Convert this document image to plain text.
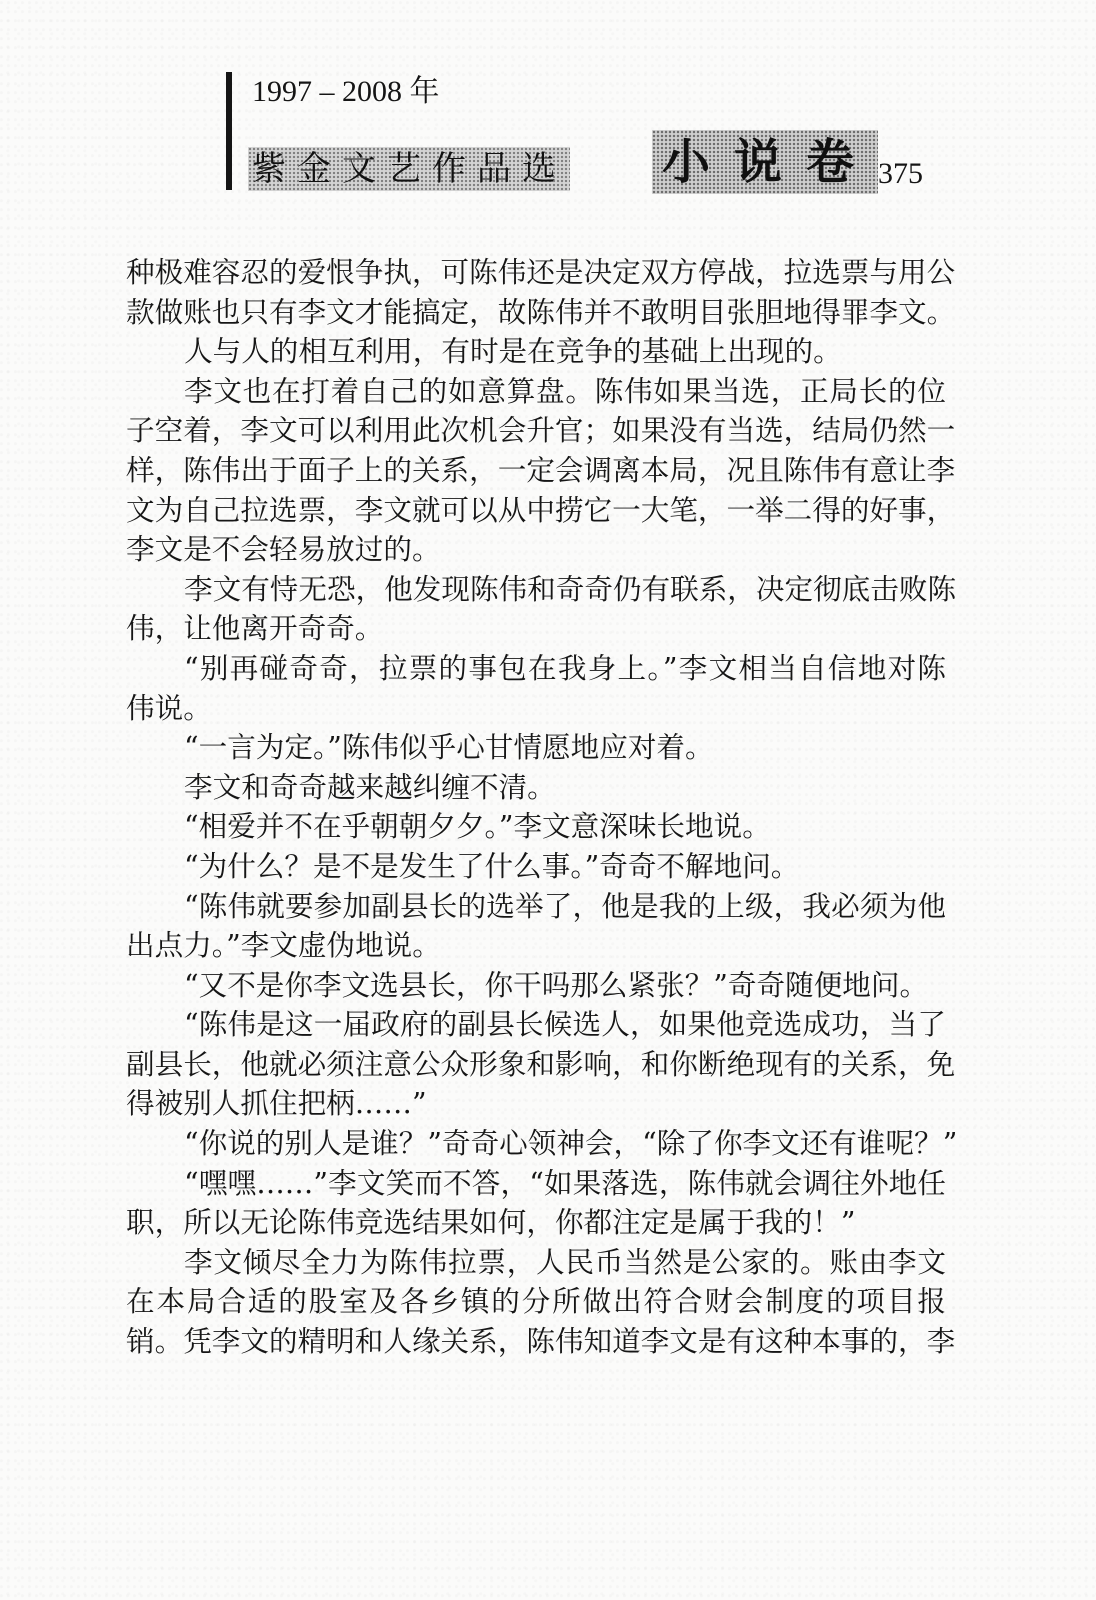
1997 – 2008 年
紫金文艺作品选 小说卷 375
种极难容忍的爱恨争执，可陈伟还是决定双方停战，拉选票与用公
款做账也只有李文才能搞定，故陈伟并不敢明目张胆地得罪李文。
人与人的相互利用，有时是在竞争的基础上出现的。
李文也在打着自己的如意算盘。陈伟如果当选，正局长的位
子空着，李文可以利用此次机会升官；如果没有当选，结局仍然一
样，陈伟出于面子上的关系，一定会调离本局，况且陈伟有意让李
文为自己拉选票，李文就可以从中捞它一大笔，一举二得的好事，
李文是不会轻易放过的。
李文有恃无恐，他发现陈伟和奇奇仍有联系，决定彻底击败陈
伟，让他离开奇奇。
“别再碰奇奇，拉票的事包在我身上。”李文相当自信地对陈
伟说。
“一言为定。”陈伟似乎心甘情愿地应对着。
李文和奇奇越来越纠缠不清。
“相爱并不在乎朝朝夕夕。”李文意深味长地说。
“为什么？是不是发生了什么事。”奇奇不解地问。
“陈伟就要参加副县长的选举了，他是我的上级，我必须为他
出点力。”李文虚伪地说。
“又不是你李文选县长，你干吗那么紧张？”奇奇随便地问。
“陈伟是这一届政府的副县长候选人，如果他竞选成功，当了
副县长，他就必须注意公众形象和影响，和你断绝现有的关系，免
得被别人抓住把柄……”
“你说的别人是谁？”奇奇心领神会，“除了你李文还有谁呢？”
“嘿嘿……”李文笑而不答，“如果落选，陈伟就会调往外地任
职，所以无论陈伟竞选结果如何，你都注定是属于我的！”
李文倾尽全力为陈伟拉票，人民币当然是公家的。账由李文
在本局合适的股室及各乡镇的分所做出符合财会制度的项目报
销。凭李文的精明和人缘关系，陈伟知道李文是有这种本事的，李
